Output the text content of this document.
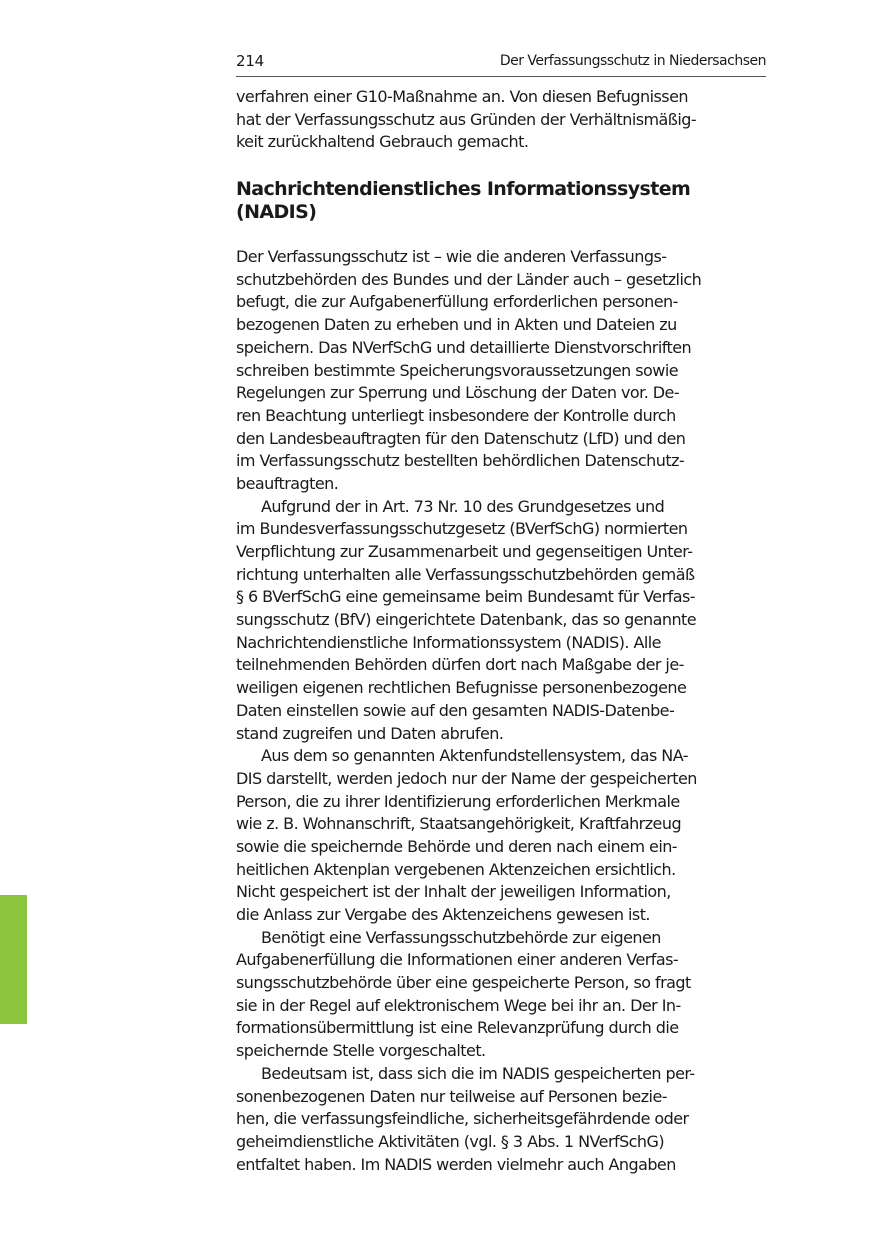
214	Der Verfassungsschutz in Niedersachsen
verfahren einer G10-Maßnahme an. Von diesen Befugnissen
hat der Verfassungsschutz aus Gründen der Verhältnismäßig-
keit zurückhaltend Gebrauch gemacht.
Nachrichtendienstliches Informationssystem
(NADIS)
Der Verfassungsschutz ist – wie die anderen Verfassungs-
schutzbehörden des Bundes und der Länder auch – gesetzlich
befugt, die zur Aufgabenerfüllung erforderlichen personen-
bezogenen Daten zu erheben und in Akten und Dateien zu
speichern. Das NVerfSchG und detaillierte Dienstvorschriften
schreiben bestimmte Speicherungsvoraussetzungen sowie
Regelungen zur Sperrung und Löschung der Daten vor. De-
ren Beachtung unterliegt insbesondere der Kontrolle durch
den Landesbeauftragten für den Datenschutz (LfD) und den
im Verfassungsschutz bestellten behördlichen Datenschutz-
beauftragten.
Aufgrund der in Art. 73 Nr. 10 des Grundgesetzes und
im Bundesverfassungsschutzgesetz (BVerfSchG) normierten
Verpflichtung zur Zusammenarbeit und gegenseitigen Unter-
richtung unterhalten alle Verfassungsschutzbehörden gemäß
§ 6 BVerfSchG eine gemeinsame beim Bundesamt für Verfas-
sungsschutz (BfV) eingerichtete Datenbank, das so genannte
Nachrichtendienstliche Informationssystem (NADIS). Alle
teilnehmenden Behörden dürfen dort nach Maßgabe der je-
weiligen eigenen rechtlichen Befugnisse personenbezogene
Daten einstellen sowie auf den gesamten NADIS-Datenbe-
stand zugreifen und Daten abrufen.
Aus dem so genannten Aktenfundstellensystem, das NA-
DIS darstellt, werden jedoch nur der Name der gespeicherten
Person, die zu ihrer Identifizierung erforderlichen Merkmale
wie z. B. Wohnanschrift, Staatsangehörigkeit, Kraftfahrzeug
sowie die speichernde Behörde und deren nach einem ein-
heitlichen Aktenplan vergebenen Aktenzeichen ersichtlich.
Nicht gespeichert ist der Inhalt der jeweiligen Information,
die Anlass zur Vergabe des Aktenzeichens gewesen ist.
Benötigt eine Verfassungsschutzbehörde zur eigenen
Aufgabenerfüllung die Informationen einer anderen Verfas-
sungsschutzbehörde über eine gespeicherte Person, so fragt
sie in der Regel auf elektronischem Wege bei ihr an. Der In-
formationsübermittlung ist eine Relevanzprüfung durch die
speichernde Stelle vorgeschaltet.
Bedeutsam ist, dass sich die im NADIS gespeicherten per-
sonenbezogenen Daten nur teilweise auf Personen bezie-
hen, die verfassungsfeindliche, sicherheitsgefährdende oder
geheimdienstliche Aktivitäten (vgl. § 3 Abs. 1 NVerfSchG)
entfaltet haben. Im NADIS werden vielmehr auch Angaben
